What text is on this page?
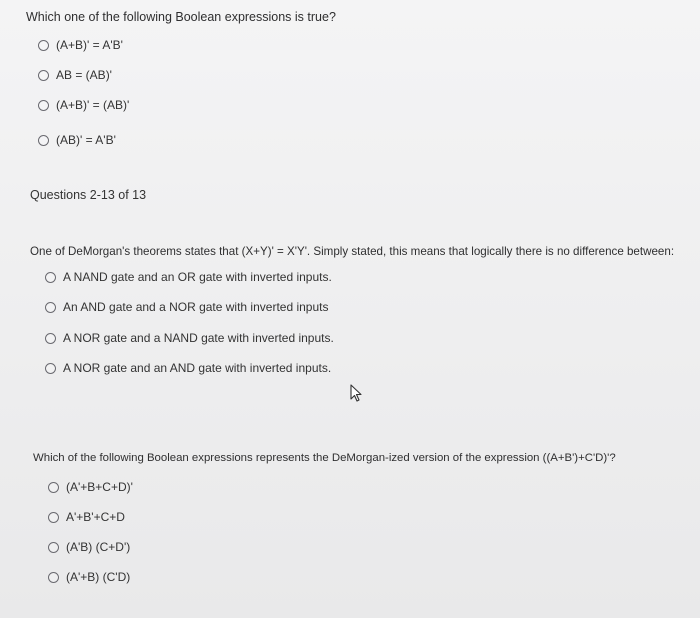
Which one of the following Boolean expressions is true?
(A+B)' = A'B'
AB = (AB)'
(A+B)' = (AB)'
(AB)' = A'B'
Questions 2-13 of 13
One of DeMorgan's theorems states that (X+Y)' = X'Y'. Simply stated, this means that logically there is no difference between:
A NAND gate and an OR gate with inverted inputs.
An AND gate and a NOR gate with inverted inputs
A NOR gate and a NAND gate with inverted inputs.
A NOR gate and an AND gate with inverted inputs.
Which of the following Boolean expressions represents the DeMorgan-ized version of the expression ((A+B')+C'D)'?
(A'+B+C+D)'
A'+B'+C+D
(A'B) (C+D')
(A'+B) (C'D)
